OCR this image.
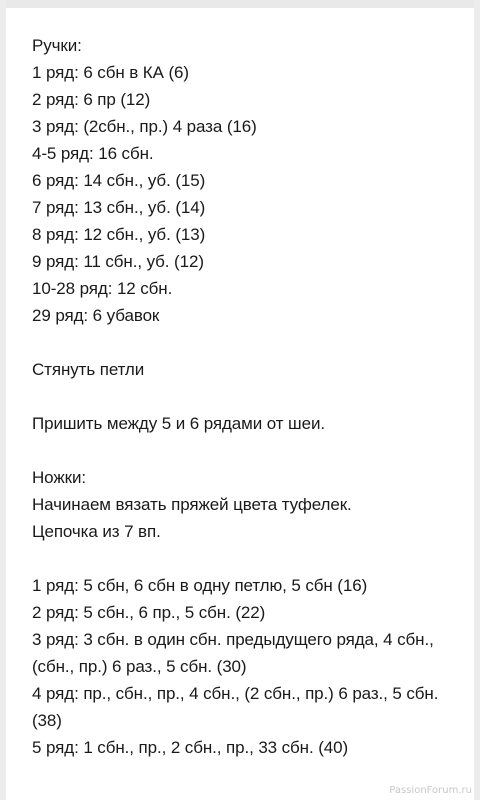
Ручки:
1 ряд: 6 сбн в КА (6)
2 ряд: 6 пр (12)
3 ряд: (2сбн., пр.) 4 раза (16)
4-5 ряд: 16 сбн.
6 ряд: 14 сбн., уб. (15)
7 ряд: 13 сбн., уб. (14)
8 ряд: 12 сбн., уб. (13)
9 ряд: 11 сбн., уб. (12)
10-28 ряд: 12 сбн.
29 ряд: 6 убавок
Стянуть петли
Пришить между 5 и 6 рядами от шеи.
Ножки:
Начинаем вязать пряжей цвета туфелек.
Цепочка из 7 вп.
1 ряд: 5 сбн, 6 сбн в одну петлю, 5 сбн (16)
2 ряд: 5 сбн., 6 пр., 5 сбн. (22)
3 ряд: 3 сбн. в один сбн. предыдущего ряда, 4 сбн., (сбн., пр.) 6 раз., 5 сбн. (30)
4 ряд: пр., сбн., пр., 4 сбн., (2 сбн., пр.) 6 раз., 5 сбн. (38)
5 ряд: 1 сбн., пр., 2 сбн., пр., 33 сбн. (40)
PassionForum.ru
